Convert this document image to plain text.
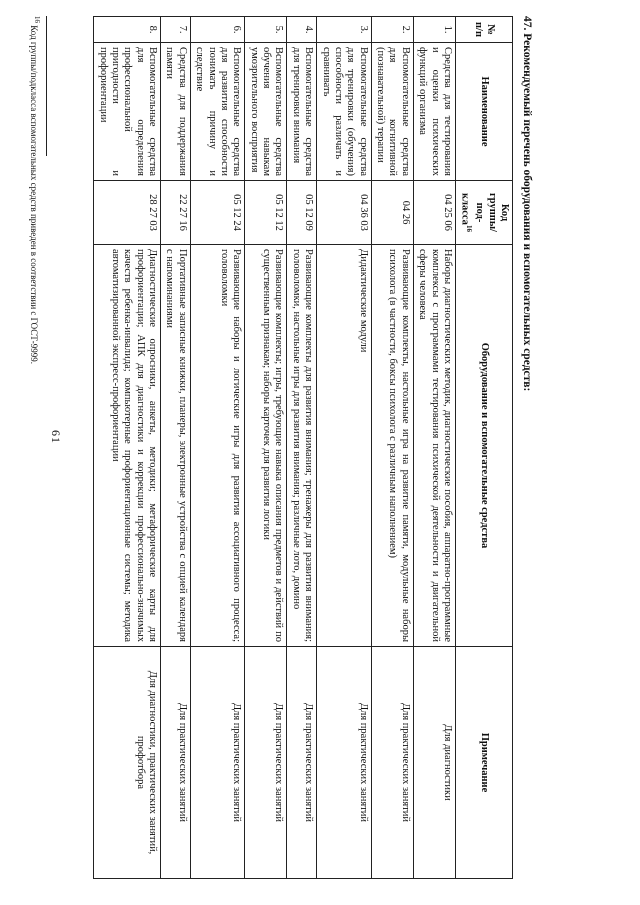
61
47. Рекомендуемый перечень оборудования и вспомогательных средств:
№ п/п	Наименование	Код группы/под- класса$^{16}$	Оборудование и вспомогательные средства	Примечание
1.	Средства для тестирования и оценки психических функций организма	04 25 06	Наборы диагностических методик, диагностические пособия, аппаратно-программные комплексы с программами тестирования психической деятельности и двигательной сферы человека	Для диагностики
2.	Вспомогательные средства для когнитивной (познавательной) терапии	04 26	Развивающие комплекты, настольные игра на развитие памяти, модульные наборы психолога (в частности, боксы психолога с различным наполнением)	Для практических занятий
3.	Вспомогательные средства для тренировки (обучения) способности различать и сравнивать	04 36 03	Дидактические модули	Для практических занятий
4.	Вспомогательные средства для тренировки внимания	05 12 09	Развивающие комплекты для развития внимания; тренажеры для развития внимания; головоломки, настольные игры для развития внимания; различные лото, домино	Для практических занятий
5.	Вспомогательные средства обучения навыкам умозрительного восприятия	05 12 12	Развивающие комплекты; игры, требующие навыка описания предметов и действий по существенным признакам; наборы карточек для развития логики	Для практических занятий
6.	Вспомогательные средства для развития способности понимать причину и следствие	05 12 24	Развивающие наборы и логические игры для развития ассоциативного процесса; головоломки	Для практических занятий
7.	Средства для поддержания памяти	22 27 16	Портативные записные книжки, планеры, электронные устройства с опцией календаря с напоминаниями	Для практических занятий
8.	Вспомогательные средства для определения профессиональной пригодности и профориентации	28 27 03	Диагностические опросники, анкеты, методики; метафорические карты для профориентации; АПК для диагностики и коррекции профессионально-значимых качеств ребенка-инвалида; компьютерные профориентационные системы; методика автоматизированной экспресс-профориентации	Для диагностики, практических занятий, профотбора
$^{16}$ Код группы/подкласса вспомогательных средств приведен в соответствии с ГОСТ-9999.
